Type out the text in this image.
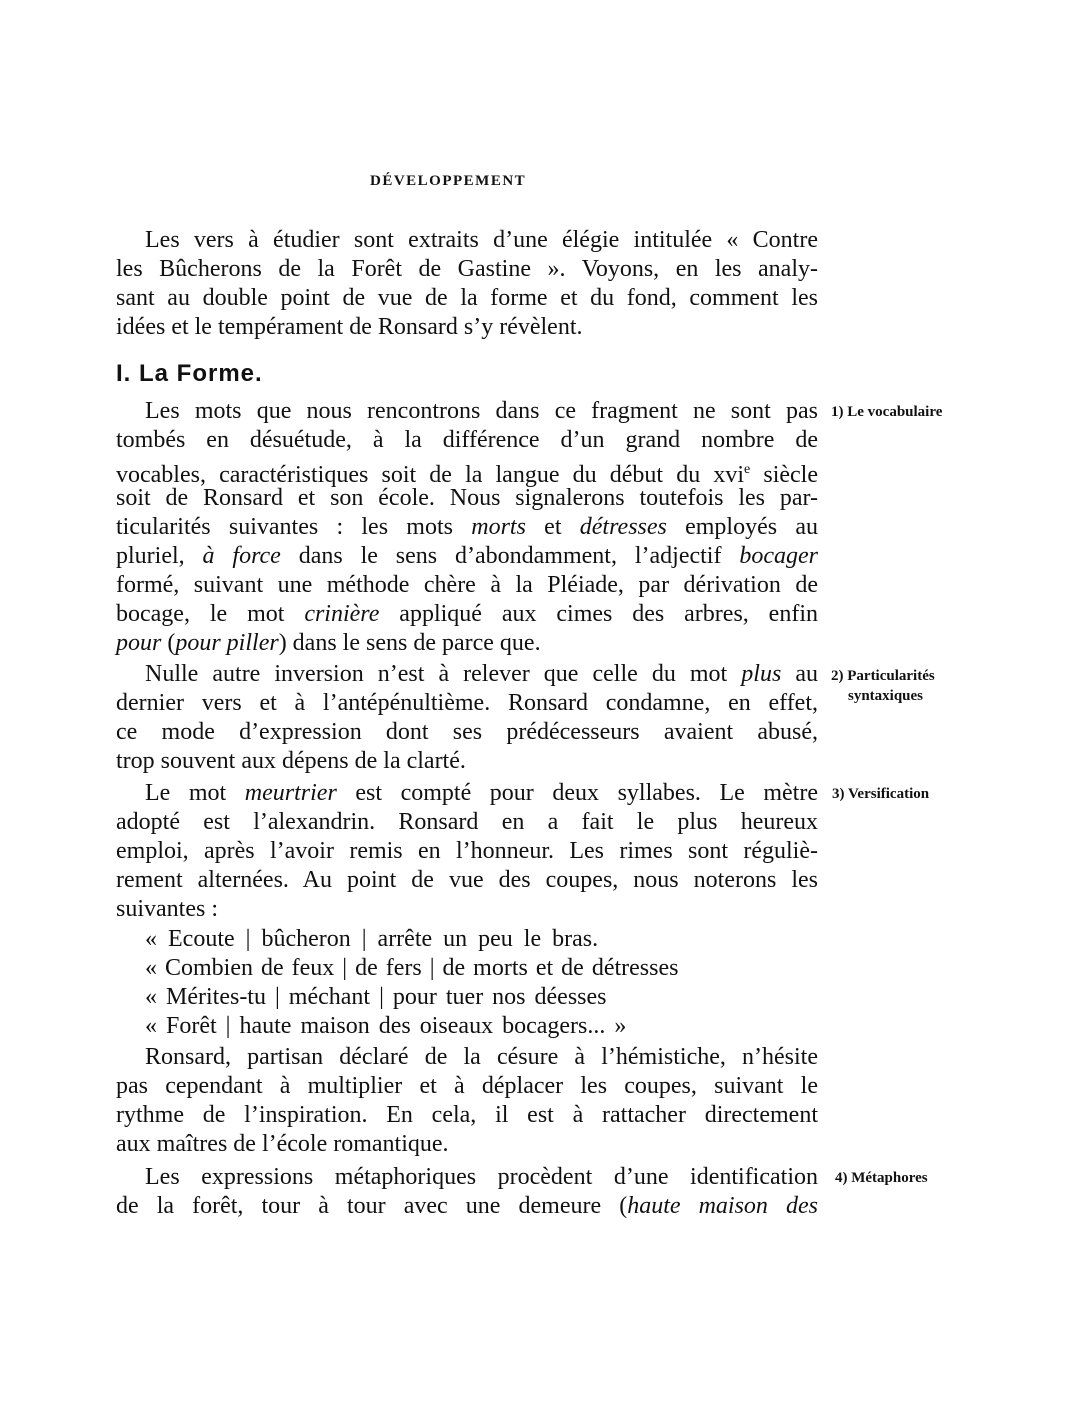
DÉVELOPPEMENT
Les vers à étudier sont extraits d’une élégie intitulée « Contre
les Bûcherons de la Forêt de Gastine ». Voyons, en les analy-
sant au double point de vue de la forme et du fond, comment les
idées et le tempérament de Ronsard s’y révèlent.
I. La Forme.
Les mots que nous rencontrons dans ce fragment ne sont pas
tombés en désuétude, à la différence d’un grand nombre de
vocables, caractéristiques soit de la langue du début du xvi$^e$ siècle
soit de Ronsard et son école. Nous signalerons toutefois les par-
ticularités suivantes : les mots morts et détresses employés au
pluriel, à force dans le sens d’abondamment, l’adjectif bocager
formé, suivant une méthode chère à la Pléiade, par dérivation de
bocage, le mot crinière appliqué aux cimes des arbres, enfin
pour (pour piller) dans le sens de parce que.
Nulle autre inversion n’est à relever que celle du mot plus au
dernier vers et à l’antépénultième. Ronsard condamne, en effet,
ce mode d’expression dont ses prédécesseurs avaient abusé,
trop souvent aux dépens de la clarté.
Le mot meurtrier est compté pour deux syllabes. Le mètre
adopté est l’alexandrin. Ronsard en a fait le plus heureux
emploi, après l’avoir remis en l’honneur. Les rimes sont réguliè-
rement alternées. Au point de vue des coupes, nous noterons les
suivantes :
« Ecoute | bûcheron | arrête un peu le bras.
« Combien de feux | de fers | de morts et de détresses
« Mérites-tu | méchant | pour tuer nos déesses
« Forêt | haute maison des oiseaux bocagers... »
Ronsard, partisan déclaré de la césure à l’hémistiche, n’hésite
pas cependant à multiplier et à déplacer les coupes, suivant le
rythme de l’inspiration. En cela, il est à rattacher directement
aux maîtres de l’école romantique.
Les expressions métaphoriques procèdent d’une identification
de la forêt, tour à tour avec une demeure (haute maison des
1) Le vocabulaire
2) Particularités
syntaxiques
3) Versification
4) Métaphores
